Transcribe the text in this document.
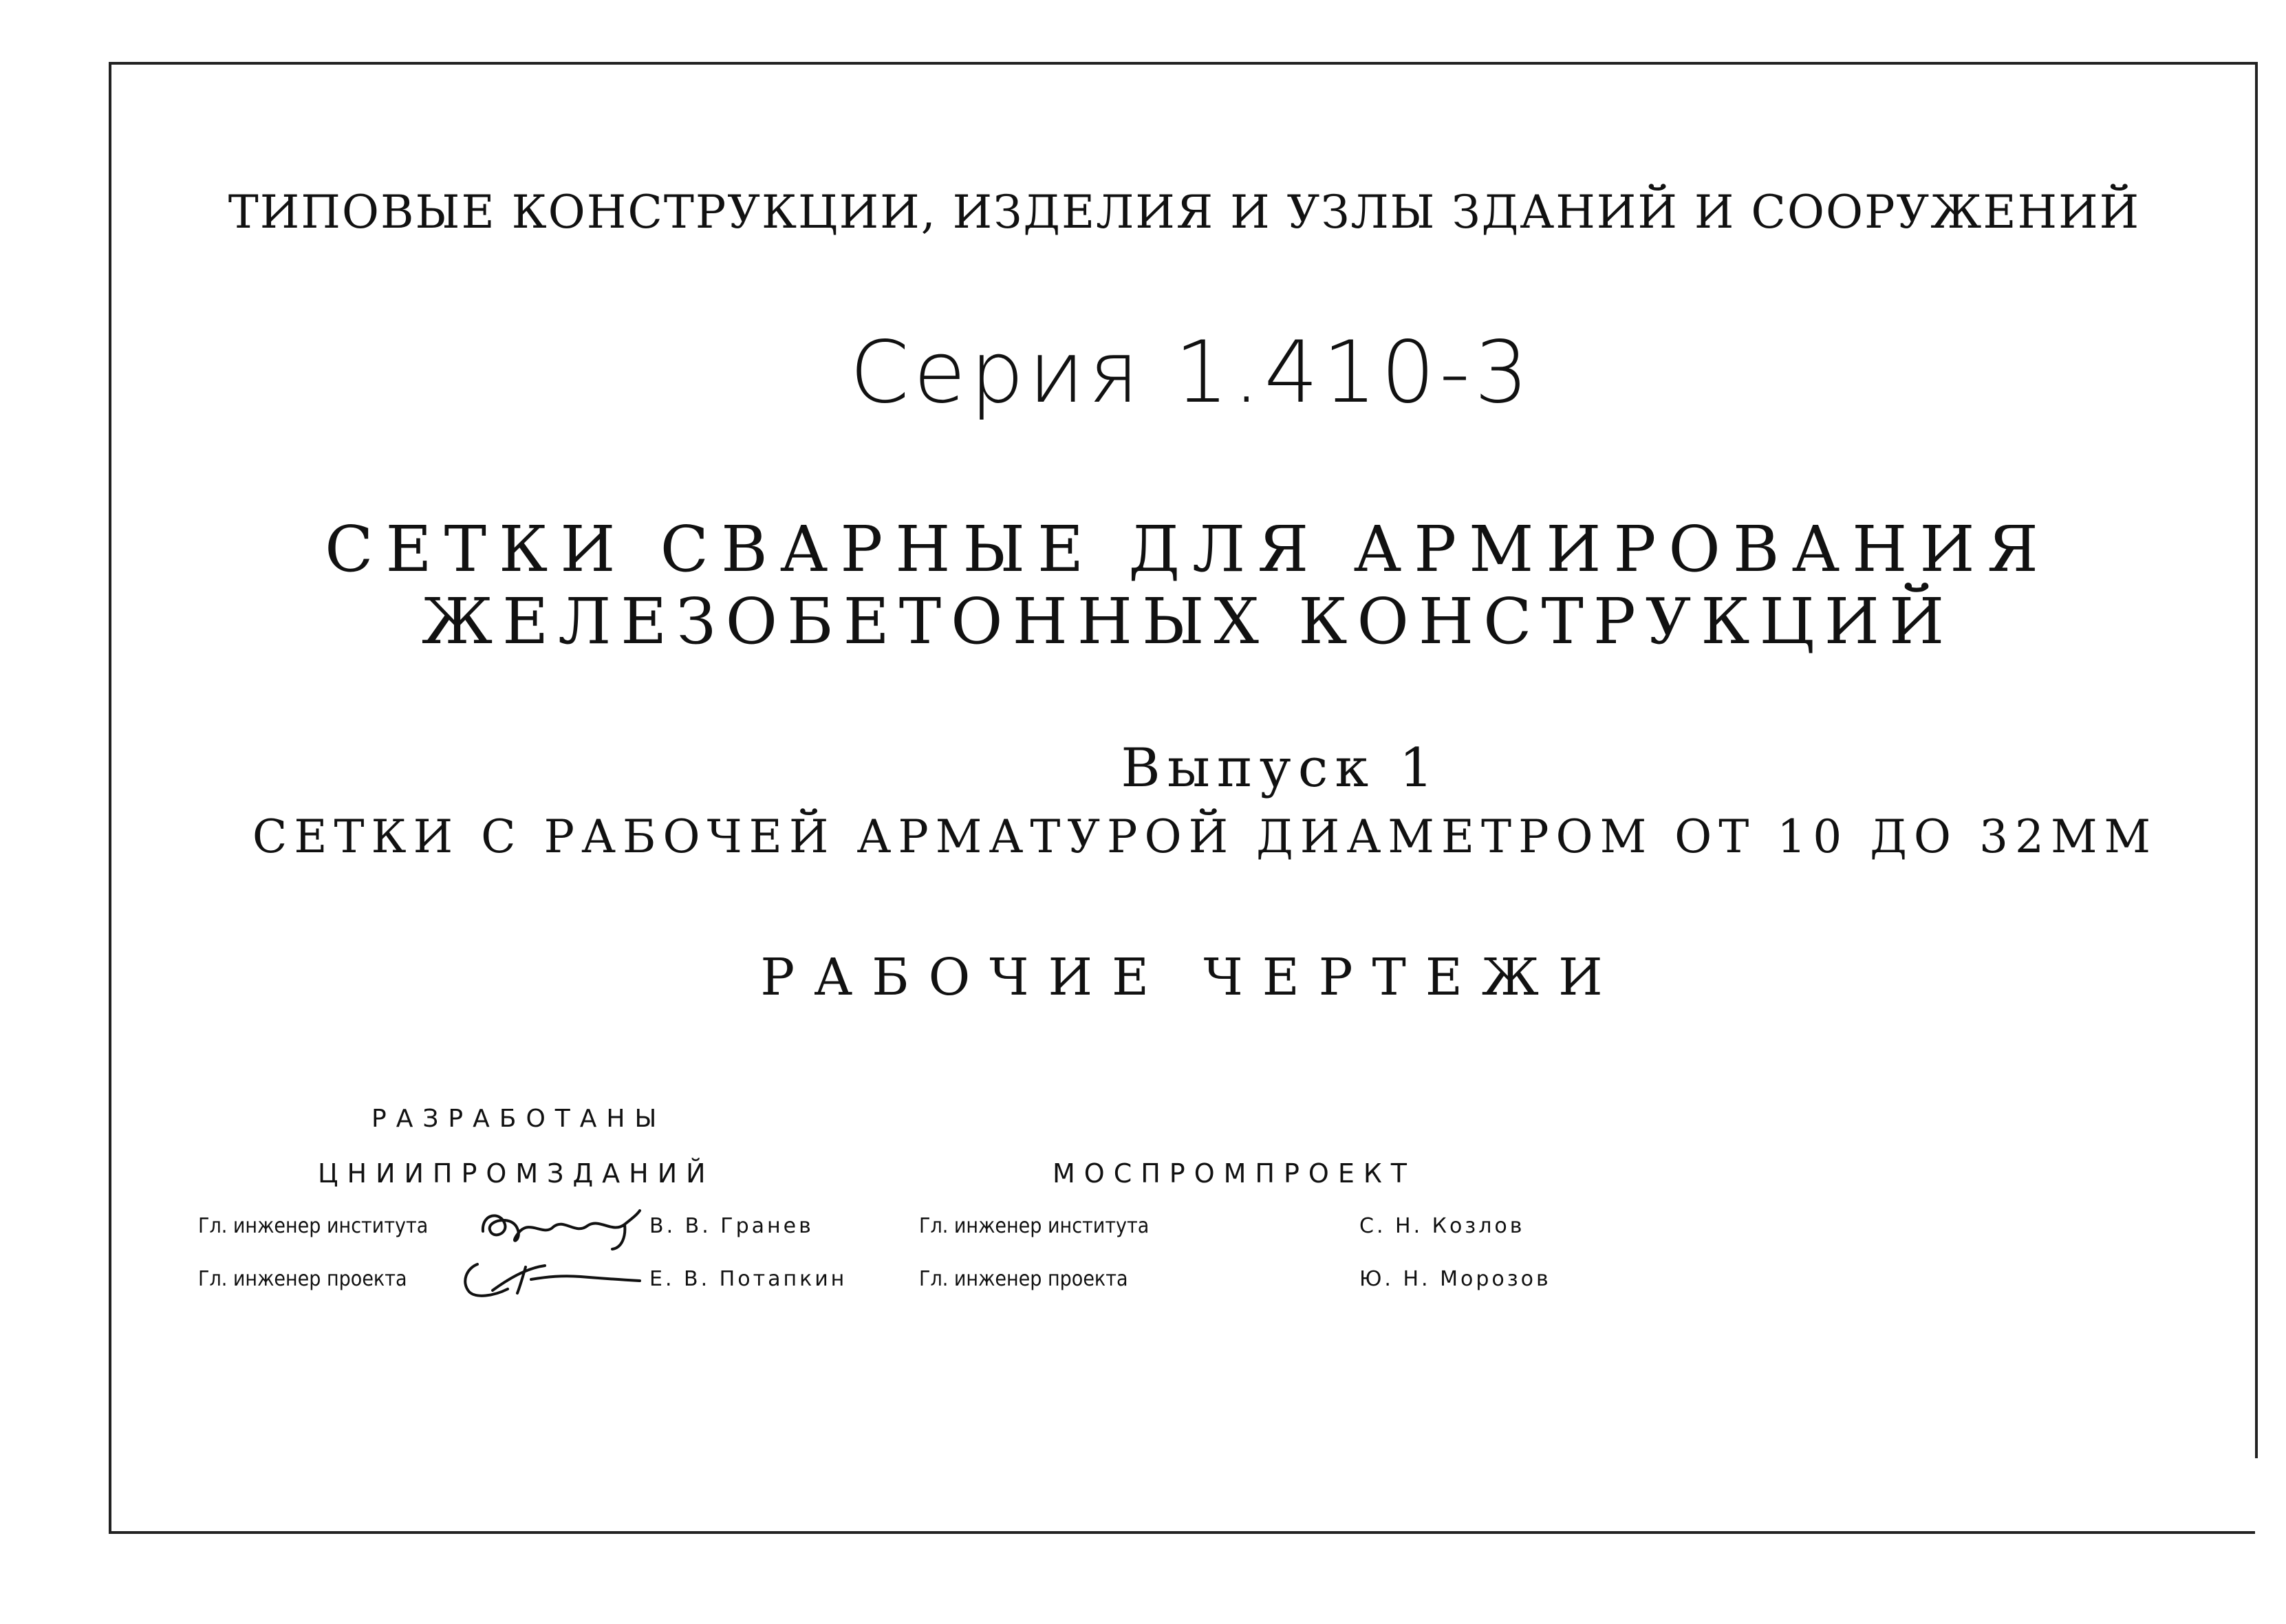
ТИПОВЫЕ КОНСТРУКЦИИ, ИЗДЕЛИЯ И УЗЛЫ ЗДАНИЙ И СООРУЖЕНИЙ
Серия 1.410-3
СЕТКИ СВАРНЫЕ ДЛЯ АРМИРОВАНИЯ
ЖЕЛЕЗОБЕТОННЫХ КОНСТРУКЦИЙ
Выпуск 1
СЕТКИ С РАБОЧЕЙ АРМАТУРОЙ ДИАМЕТРОМ ОТ 10 ДО 32ММ
РАБОЧИЕ ЧЕРТЕЖИ
РАЗРАБОТАНЫ
ЦНИИПРОМЗДАНИЙ	МОСПРОМПРОЕКТ
Гл. инженер института	В. В. Гранев
Гл. инженер проекта	Е. В. Потапкин
Гл. инженер института	С. Н. Козлов
Гл. инженер проекта	Ю. Н. Морозов
